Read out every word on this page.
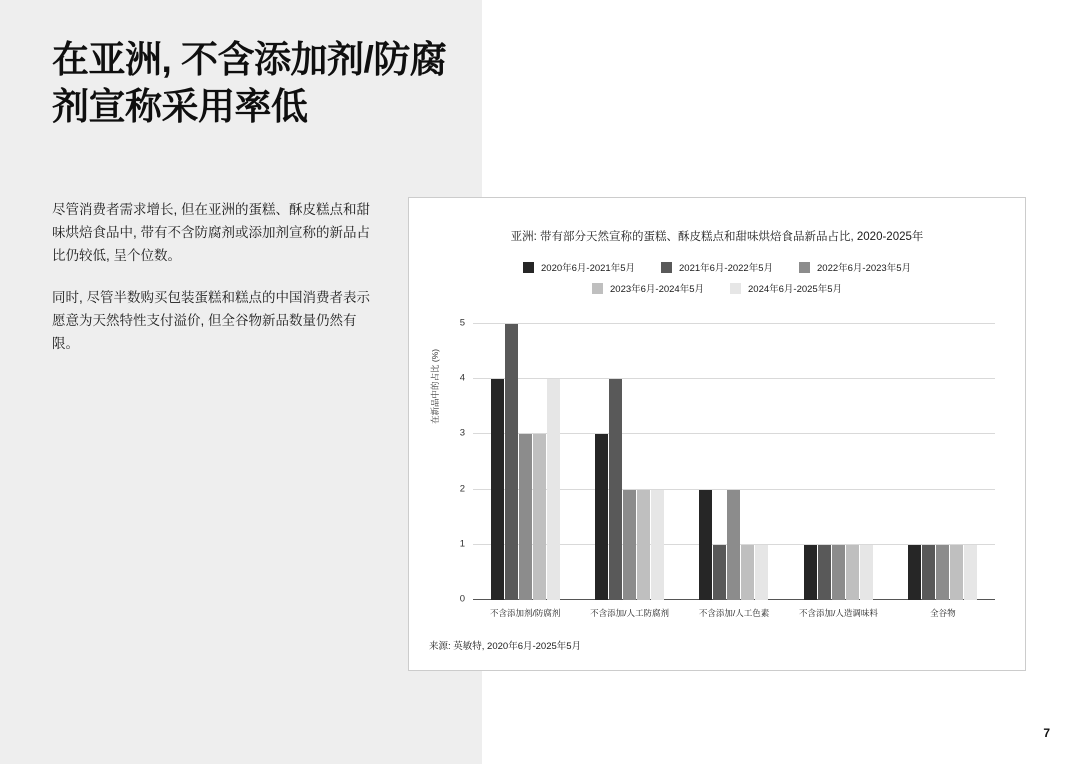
在亚洲, 不含添加剂/防腐剂宣称采用率低

尽管消费者需求增长, 但在亚洲的蛋糕、酥皮糕点和甜味烘焙食品中, 带有不含防腐剂或添加剂宣称的新品占比仍较低, 呈个位数。

同时, 尽管半数购买包装蛋糕和糕点的中国消费者表示愿意为天然特性支付溢价, 但全谷物新品数量仍然有限。

亚洲: 带有部分天然宣称的蛋糕、酥皮糕点和甜味烘焙食品新品占比, 2020-2025年
2020年6月-2021年5月	2021年6月-2022年5月	2022年6月-2023年5月
2023年6月-2024年5月	2024年6月-2025年5月
在新品中的占比 (%)
0
1
2
3
4
5
不含添加剂/防腐剂	不含添加/人工防腐剂	不含添加/人工色素	不含添加/人造调味料	全谷物
来源: 英敏特, 2020年6月-2025年5月
7
